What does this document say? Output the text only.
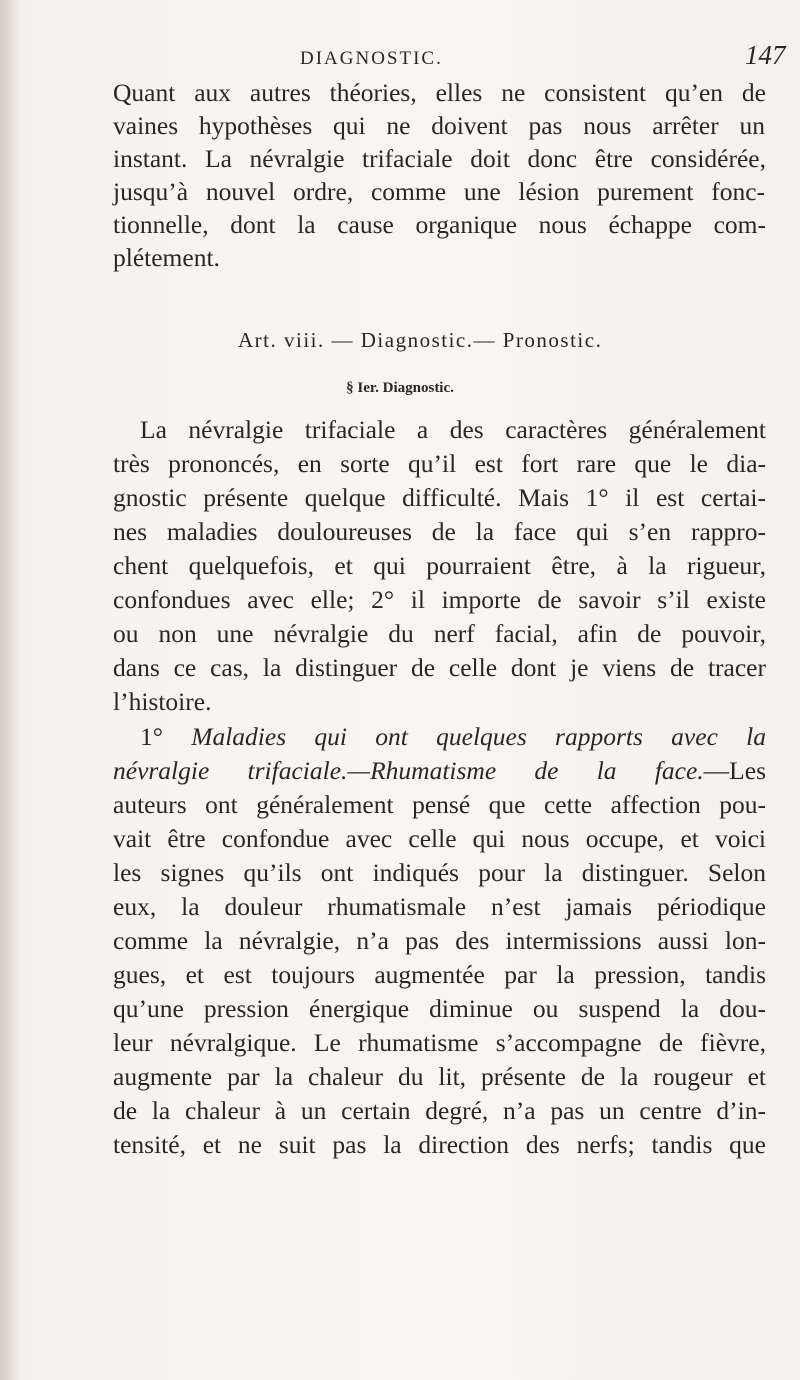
DIAGNOSTIC.	147
Quant aux autres théories, elles ne consistent qu’en de
vaines hypothèses qui ne doivent pas nous arrêter un
instant. La névralgie trifaciale doit donc être considérée,
jusqu’à nouvel ordre, comme une lésion purement fonc-
tionnelle, dont la cause organique nous échappe com-
plétement.
Art. viii. — Diagnostic.— Pronostic.
§ Ier. Diagnostic.
La névralgie trifaciale a des caractères généralement
très prononcés, en sorte qu’il est fort rare que le dia-
gnostic présente quelque difficulté. Mais 1° il est certai-
nes maladies douloureuses de la face qui s’en rappro-
chent quelquefois, et qui pourraient être, à la rigueur,
confondues avec elle; 2° il importe de savoir s’il existe
ou non une névralgie du nerf facial, afin de pouvoir,
dans ce cas, la distinguer de celle dont je viens de tracer
l’histoire.
1° Maladies qui ont quelques rapports avec la
névralgie trifaciale.—Rhumatisme de la face.—Les
auteurs ont généralement pensé que cette affection pou-
vait être confondue avec celle qui nous occupe, et voici
les signes qu’ils ont indiqués pour la distinguer. Selon
eux, la douleur rhumatismale n’est jamais périodique
comme la névralgie, n’a pas des intermissions aussi lon-
gues, et est toujours augmentée par la pression, tandis
qu’une pression énergique diminue ou suspend la dou-
leur névralgique. Le rhumatisme s’accompagne de fièvre,
augmente par la chaleur du lit, présente de la rougeur et
de la chaleur à un certain degré, n’a pas un centre d’in-
tensité, et ne suit pas la direction des nerfs; tandis que
